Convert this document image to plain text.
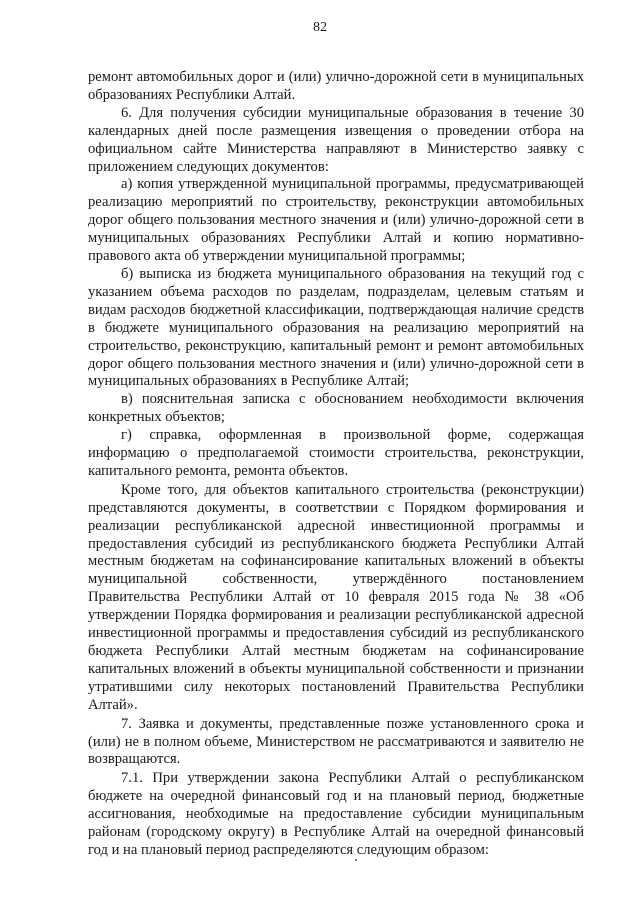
82

ремонт автомобильных дорог и (или) улично-дорожной сети в муниципальных образованиях Республики Алтай.

6. Для получения субсидии муниципальные образования в течение 30 календарных дней после размещения извещения о проведении отбора на официальном сайте Министерства направляют в Министерство заявку с приложением следующих документов:

а) копия утвержденной муниципальной программы, предусматривающей реализацию мероприятий по строительству, реконструкции автомобильных дорог общего пользования местного значения и (или) улично-дорожной сети в муниципальных образованиях Республики Алтай и копию нормативно-правового акта об утверждении муниципальной программы;

б) выписка из бюджета муниципального образования на текущий год с указанием объема расходов по разделам, подразделам, целевым статьям и видам расходов бюджетной классификации, подтверждающая наличие средств в бюджете муниципального образования на реализацию мероприятий на строительство, реконструкцию, капитальный ремонт и ремонт автомобильных дорог общего пользования местного значения и (или) улично-дорожной сети в муниципальных образованиях в Республике Алтай;

в) пояснительная записка с обоснованием необходимости включения конкретных объектов;

г) справка, оформленная в произвольной форме, содержащая информацию о предполагаемой стоимости строительства, реконструкции, капитального ремонта, ремонта объектов.

Кроме того, для объектов капитального строительства (реконструкции) представляются документы, в соответствии с Порядком формирования и реализации республиканской адресной инвестиционной программы и предоставления субсидий из республиканского бюджета Республики Алтай местным бюджетам на софинансирование капитальных вложений в объекты муниципальной собственности, утверждённого постановлением Правительства Республики Алтай от 10 февраля 2015 года № 38 «Об утверждении Порядка формирования и реализации республиканской адресной инвестиционной программы и предоставления субсидий из республиканского бюджета Республики Алтай местным бюджетам на софинансирование капитальных вложений в объекты муниципальной собственности и признании утратившими силу некоторых постановлений Правительства Республики Алтай».

7. Заявка и документы, представленные позже установленного срока и (или) не в полном объеме, Министерством не рассматриваются и заявителю не возвращаются.

7.1. При утверждении закона Республики Алтай о республиканском бюджете на очередной финансовый год и на плановый период, бюджетные ассигнования, необходимые на предоставление субсидии муниципальным районам (городскому округу) в Республике Алтай на очередной финансовый год и на плановый период распределяются следующим образом:
